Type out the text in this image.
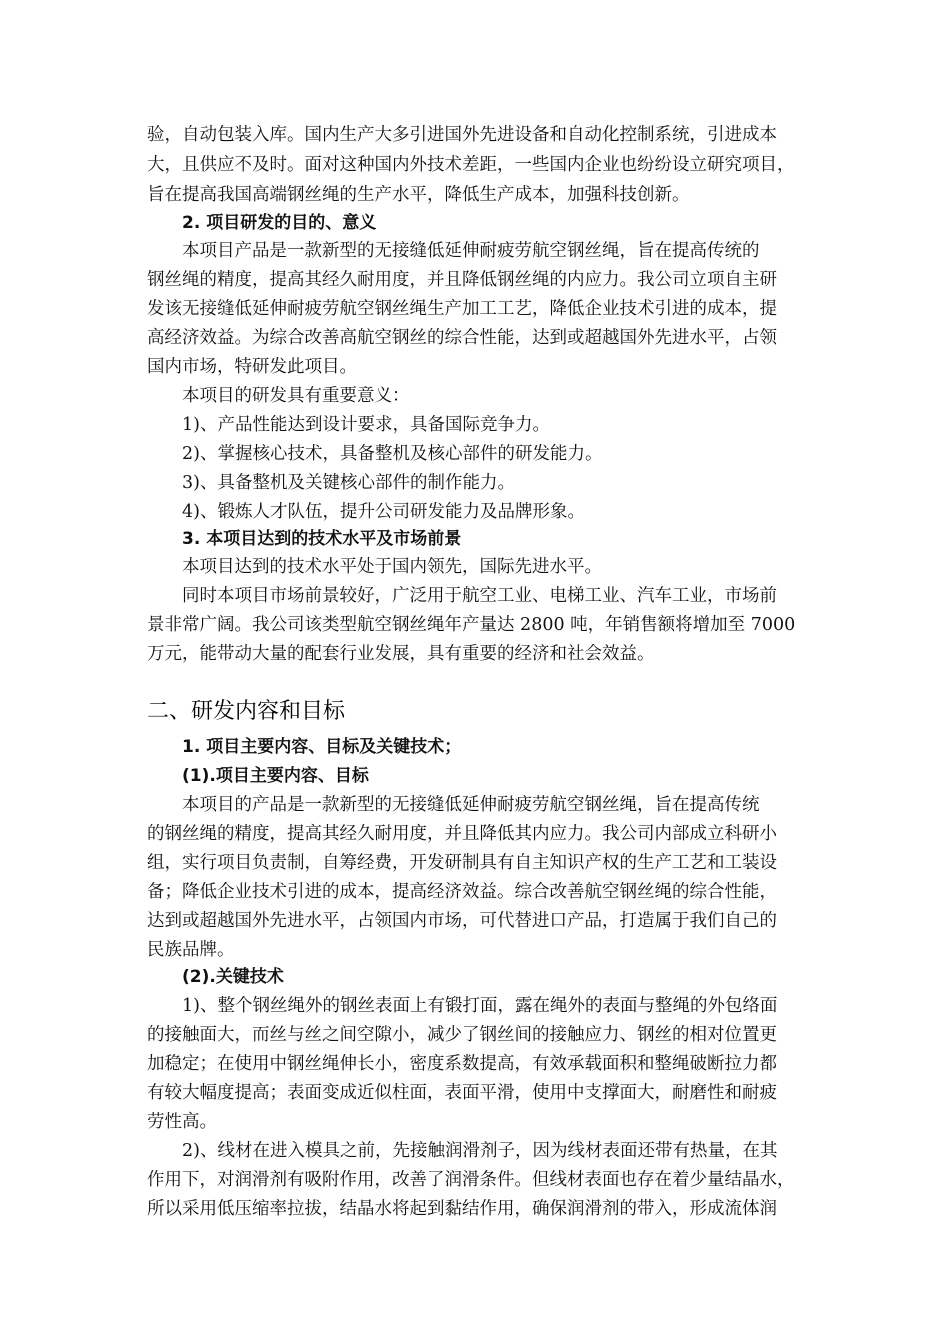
验，自动包装入库。国内生产大多引进国外先进设备和自动化控制系统，引进成本

大，且供应不及时。面对这种国内外技术差距，一些国内企业也纷纷设立研究项目，

旨在提高我国高端钢丝绳的生产水平，降低生产成本，加强科技创新。

2. 项目研发的目的、意义

本项目产品是一款新型的无接缝低延伸耐疲劳航空钢丝绳，旨在提高传统的

钢丝绳的精度，提高其经久耐用度，并且降低钢丝绳的内应力。我公司立项自主研

发该无接缝低延伸耐疲劳航空钢丝绳生产加工工艺，降低企业技术引进的成本，提

高经济效益。为综合改善高航空钢丝的综合性能，达到或超越国外先进水平，占领

国内市场，特研发此项目。

本项目的研发具有重要意义：

1)、产品性能达到设计要求，具备国际竞争力。

2)、掌握核心技术，具备整机及核心部件的研发能力。

3)、具备整机及关键核心部件的制作能力。

4)、锻炼人才队伍，提升公司研发能力及品牌形象。

3. 本项目达到的技术水平及市场前景

本项目达到的技术水平处于国内领先，国际先进水平。

同时本项目市场前景较好，广泛用于航空工业、电梯工业、汽车工业，市场前

景非常广阔。我公司该类型航空钢丝绳年产量达 2800 吨，年销售额将增加至 7000

万元，能带动大量的配套行业发展，具有重要的经济和社会效益。

二、研发内容和目标

1. 项目主要内容、目标及关键技术；

(1).项目主要内容、目标

本项目的产品是一款新型的无接缝低延伸耐疲劳航空钢丝绳，旨在提高传统

的钢丝绳的精度，提高其经久耐用度，并且降低其内应力。我公司内部成立科研小

组，实行项目负责制，自筹经费，开发研制具有自主知识产权的生产工艺和工装设

备；降低企业技术引进的成本，提高经济效益。综合改善航空钢丝绳的综合性能，

达到或超越国外先进水平，占领国内市场，可代替进口产品，打造属于我们自己的

民族品牌。

(2).关键技术

1)、整个钢丝绳外的钢丝表面上有锻打面，露在绳外的表面与整绳的外包络面

的接触面大，而丝与丝之间空隙小，减少了钢丝间的接触应力、钢丝的相对位置更

加稳定；在使用中钢丝绳伸长小，密度系数提高，有效承载面积和整绳破断拉力都

有较大幅度提高；表面变成近似柱面，表面平滑，使用中支撑面大，耐磨性和耐疲

劳性高。

2)、线材在进入模具之前，先接触润滑剂子，因为线材表面还带有热量，在其

作用下，对润滑剂有吸附作用，改善了润滑条件。但线材表面也存在着少量结晶水，

所以采用低压缩率拉拔，结晶水将起到黏结作用，确保润滑剂的带入，形成流体润
